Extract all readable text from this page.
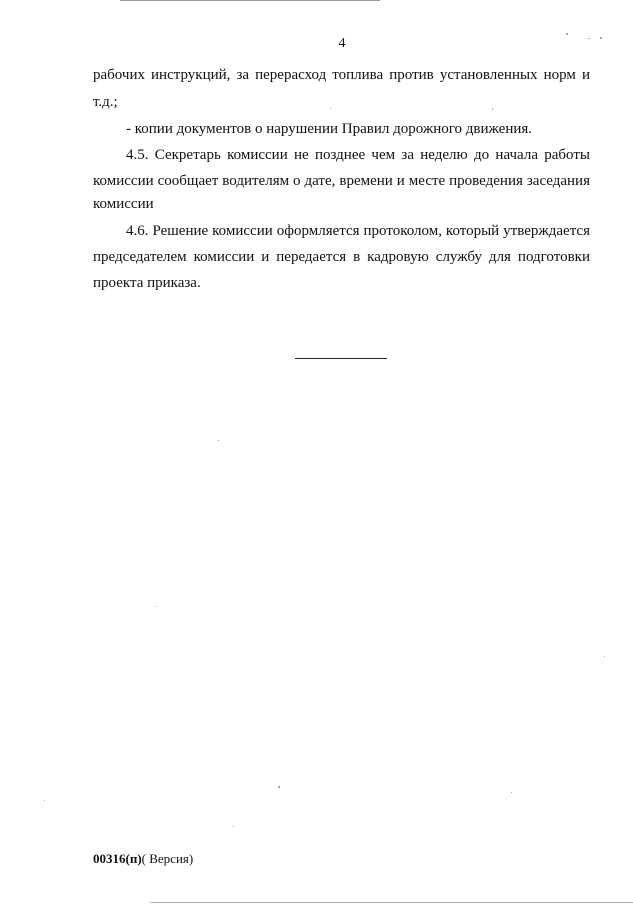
4
рабочих инструкций, за перерасход топлива против установленных норм и
т.д.;
- копии документов о нарушении Правил дорожного движения.
4.5. Секретарь комиссии не позднее чем за неделю до начала работы
комиссии сообщает водителям о дате, времени и месте проведения заседания
комиссии
4.6. Решение комиссии оформляется протоколом, который утверждается
председателем комиссии и передается в кадровую службу для подготовки
проекта приказа.
00316(п)( Версия)
